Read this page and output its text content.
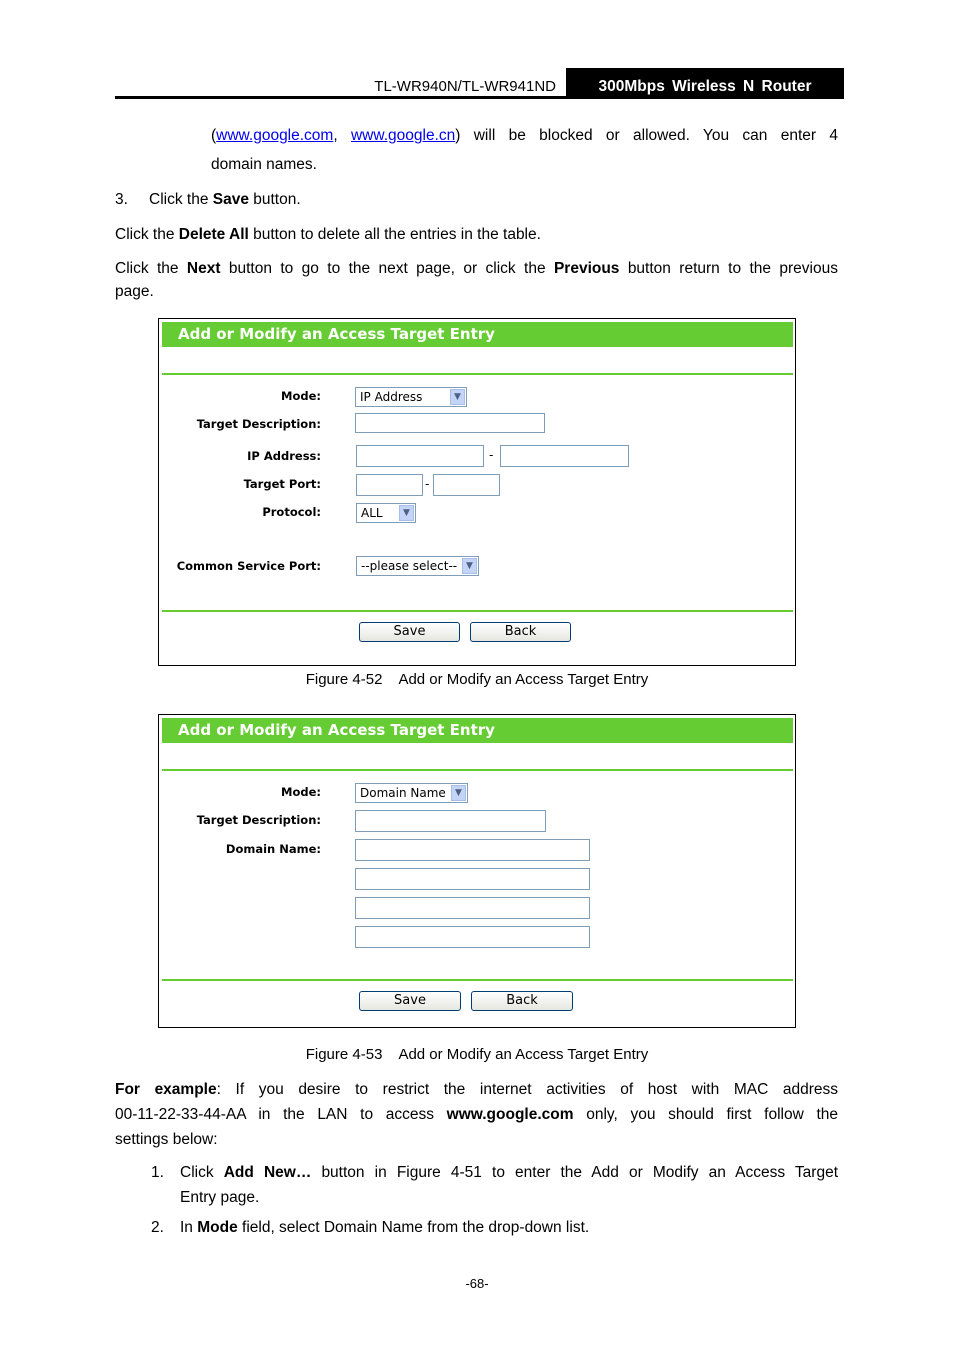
TL-WR940N/TL-WR941ND	300Mbps Wireless N Router
(www.google.com, www.google.cn) will be blocked or allowed. You can enter 4
domain names.
3. Click the Save button.
Click the Delete All button to delete all the entries in the table.
Click the Next button to go to the next page, or click the Previous button return to the previous
page.
Add or Modify an Access Target Entry
Mode:	IP Address	▼
Target Description:
IP Address:	-
Target Port:	-
Protocol:	ALL	▼
Common Service Port:	--please select-- ▼
Save	Back
Figure 4-52 Add or Modify an Access Target Entry
Add or Modify an Access Target Entry
Mode:	Domain Name	▼
Target Description:
Domain Name:
Save	Back
Figure 4-53 Add or Modify an Access Target Entry
For example: If you desire to restrict the internet activities of host with MAC address
00-11-22-33-44-AA in the LAN to access www.google.com only, you should first follow the
settings below:
1. Click Add New… button in Figure 4-51 to enter the Add or Modify an Access Target
Entry page.
2. In Mode field, select Domain Name from the drop-down list.
-68-
